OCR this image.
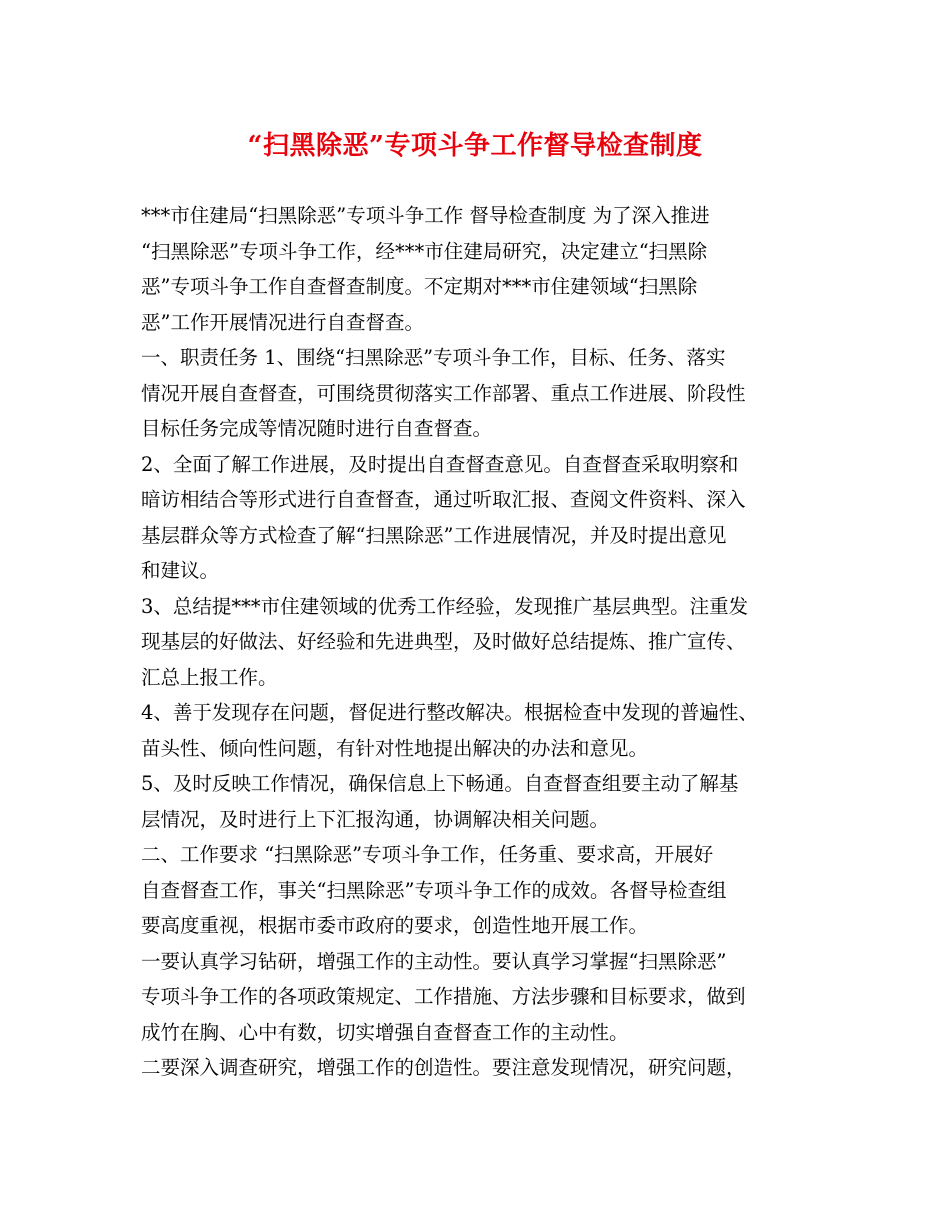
“扫黑除恶”专项斗争工作督导检查制度

***市住建局“扫黑除恶”专项斗争工作 督导检查制度 为了深入推进

“扫黑除恶”专项斗争工作，经***市住建局研究，决定建立“扫黑除

恶”专项斗争工作自查督查制度。不定期对***市住建领域“扫黑除

恶”工作开展情况进行自查督查。

一、职责任务 1、围绕“扫黑除恶”专项斗争工作，目标、任务、落实

情况开展自查督查，可围绕贯彻落实工作部署、重点工作进展、阶段性

目标任务完成等情况随时进行自查督查。

2、全面了解工作进展，及时提出自查督查意见。自查督查采取明察和

暗访相结合等形式进行自查督查，通过听取汇报、查阅文件资料、深入

基层群众等方式检查了解“扫黑除恶”工作进展情况，并及时提出意见

和建议。

3、总结提***市住建领域的优秀工作经验，发现推广基层典型。注重发

现基层的好做法、好经验和先进典型，及时做好总结提炼、推广宣传、

汇总上报工作。

4、善于发现存在问题，督促进行整改解决。根据检查中发现的普遍性、

苗头性、倾向性问题，有针对性地提出解决的办法和意见。

5、及时反映工作情况，确保信息上下畅通。自查督查组要主动了解基

层情况，及时进行上下汇报沟通，协调解决相关问题。

二、工作要求 “扫黑除恶”专项斗争工作，任务重、要求高，开展好

自查督查工作，事关“扫黑除恶”专项斗争工作的成效。各督导检查组

要高度重视，根据市委市政府的要求，创造性地开展工作。

一要认真学习钻研，增强工作的主动性。要认真学习掌握“扫黑除恶”

专项斗争工作的各项政策规定、工作措施、方法步骤和目标要求，做到

成竹在胸、心中有数，切实增强自查督查工作的主动性。

二要深入调查研究，增强工作的创造性。要注意发现情况，研究问题，
